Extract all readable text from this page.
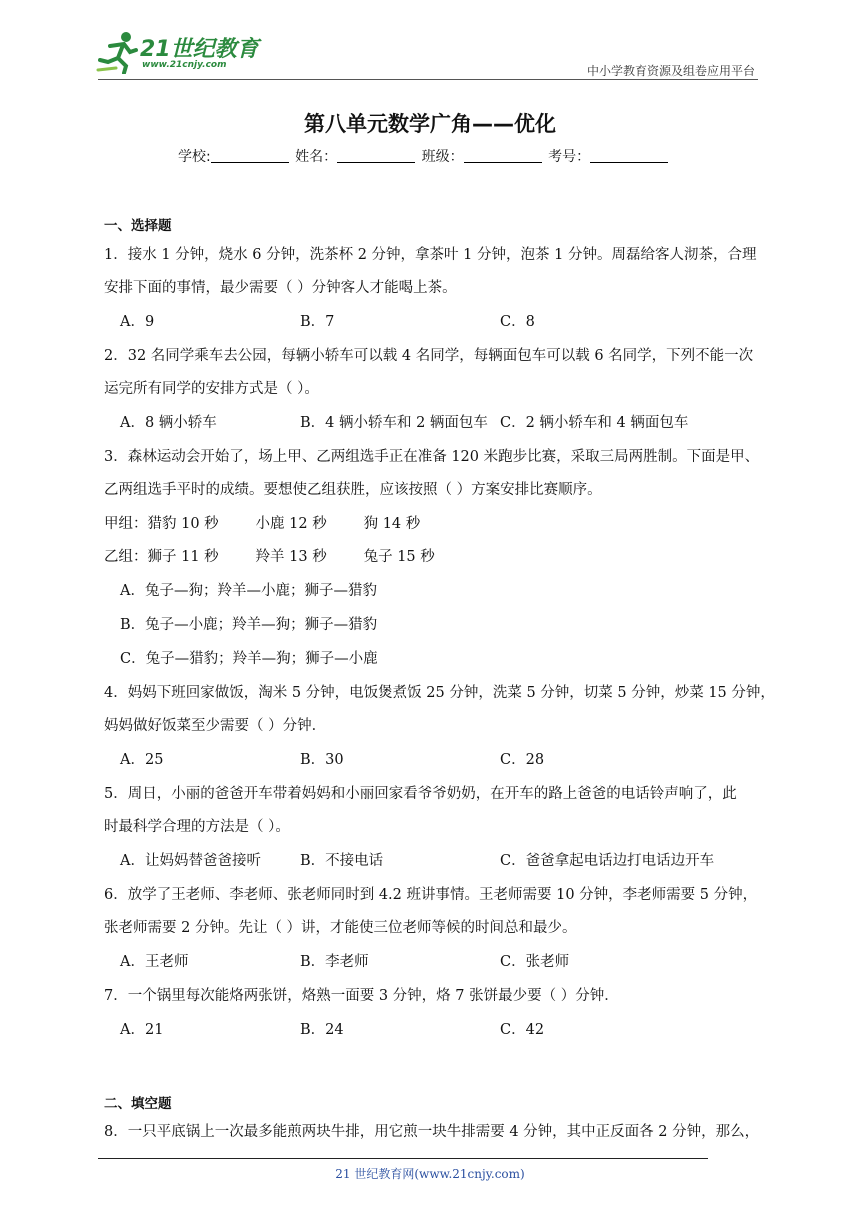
21世纪教育
www.21cnjy.com	中小学教育资源及组卷应用平台
第八单元数学广角——优化
学校:	姓名：	班级：	考号：
一、选择题
1．接水 1 分钟，烧水 6 分钟，洗茶杯 2 分钟，拿茶叶 1 分钟，泡茶 1 分钟。周磊给客人沏茶，合理
安排下面的事情，最少需要（ ）分钟客人才能喝上茶。
A．9	B．7	C．8
2．32 名同学乘车去公园，每辆小轿车可以载 4 名同学，每辆面包车可以载 6 名同学，下列不能一次
运完所有同学的安排方式是（ ）。
A．8 辆小轿车	B．4 辆小轿车和 2 辆面包车 C．2 辆小轿车和 4 辆面包车
3．森林运动会开始了，场上甲、乙两组选手正在准备 120 米跑步比赛，采取三局两胜制。下面是甲、
乙两组选手平时的成绩。要想使乙组获胜，应该按照（ ）方案安排比赛顺序。
甲组：猎豹 10 秒        小鹿 12 秒        狗 14 秒
乙组：狮子 11 秒        羚羊 13 秒        兔子 15 秒
A．兔子—狗；羚羊—小鹿；狮子—猎豹
B．兔子—小鹿；羚羊—狗；狮子—猎豹
C．兔子—猎豹；羚羊—狗；狮子—小鹿
4．妈妈下班回家做饭，淘米 5 分钟，电饭煲煮饭 25 分钟，洗菜 5 分钟，切菜 5 分钟，炒菜 15 分钟，
妈妈做好饭菜至少需要（ ）分钟．
A．25	B．30	C．28
5．周日，小丽的爸爸开车带着妈妈和小丽回家看爷爷奶奶，在开车的路上爸爸的电话铃声响了，此
时最科学合理的方法是（ ）。
A．让妈妈替爸爸接听	B．不接电话	C．爸爸拿起电话边打电话边开车
6．放学了王老师、李老师、张老师同时到 4.2 班讲事情。王老师需要 10 分钟，李老师需要 5 分钟，
张老师需要 2 分钟。先让（ ）讲，才能使三位老师等候的时间总和最少。
A．王老师	B．李老师	C．张老师
7．一个锅里每次能烙两张饼，烙熟一面要 3 分钟，烙 7 张饼最少要（ ）分钟．
A．21	B．24	C．42
二、填空题
8．一只平底锅上一次最多能煎两块牛排，用它煎一块牛排需要 4 分钟，其中正反面各 2 分钟，那么，
21 世纪教育网(www.21cnjy.com)
